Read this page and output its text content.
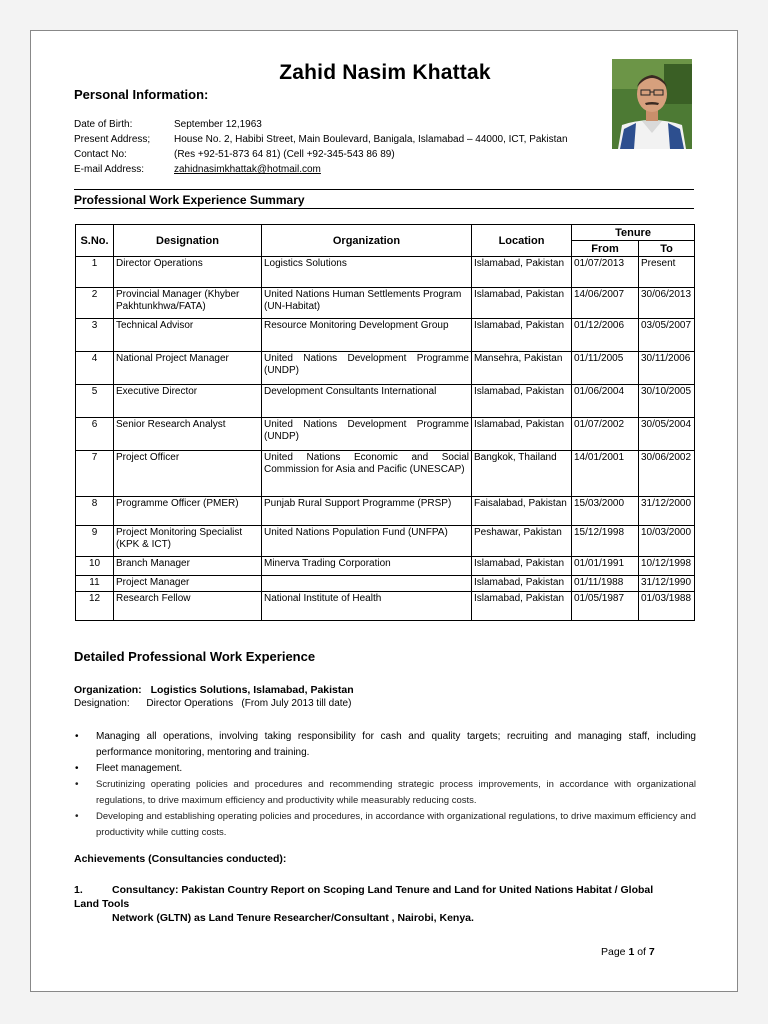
Zahid Nasim Khattak
Personal Information:
Date of Birth:	September 12,1963
Present Address; House No. 2, Habibi Street, Main Boulevard, Banigala, Islamabad – 44000, ICT, Pakistan
Contact No:	(Res +92-51-873 64 81) (Cell +92-345-543 86 89)
E-mail Address:	zahidnasimkhattak@hotmail.com
Professional Work Experience Summary
S.No.	Designation	Organization	Location	Tenure	
				From	To
1	Director Operations	Logistics Solutions	Islamabad, Pakistan	01/07/2013	Present
2	Provincial Manager (Khyber Pakhtunkhwa/FATA)	United Nations Human Settlements Program (UN-Habitat)	Islamabad, Pakistan	14/06/2007	30/06/2013
3	Technical Advisor	Resource Monitoring Development Group	Islamabad, Pakistan	01/12/2006	03/05/2007
4	National Project Manager	United Nations Development Programme (UNDP)	Mansehra, Pakistan	01/11/2005	30/11/2006
5	Executive Director	Development Consultants International	Islamabad, Pakistan	01/06/2004	30/10/2005
6	Senior Research Analyst	United Nations Development Programme (UNDP)	Islamabad, Pakistan	01/07/2002	30/05/2004
7	Project Officer	United Nations Economic and Social Commission for Asia and Pacific (UNESCAP)	Bangkok, Thailand	14/01/2001	30/06/2002
8	Programme Officer (PMER)	Punjab Rural Support Programme (PRSP)	Faisalabad, Pakistan	15/03/2000	31/12/2000
9	Project Monitoring Specialist (KPK & ICT)	United Nations Population Fund (UNFPA)	Peshawar, Pakistan	15/12/1998	10/03/2000
10	Branch Manager	Minerva Trading Corporation	Islamabad, Pakistan	01/01/1991	10/12/1998
11	Project Manager		Islamabad, Pakistan	01/11/1988	31/12/1990
12	Research Fellow	National Institute of Health	Islamabad, Pakistan	01/05/1987	01/03/1988
Detailed Professional Work Experience
Organization: Logistics Solutions, Islamabad, Pakistan
Designation: Director Operations   (From July 2013 till date)
• Managing all operations, involving taking responsibility for cash and quality targets; recruiting and managing staff, including performance monitoring, mentoring and training.
• Fleet management.
• Scrutinizing operating policies and procedures and recommending strategic process improvements, in accordance with organizational regulations, to drive maximum efficiency and productivity while measurably reducing costs.
• Developing and establishing operating policies and procedures, in accordance with organizational regulations, to drive maximum efficiency and productivity while cutting costs.
Achievements (Consultancies conducted):
1.	Consultancy: Pakistan Country Report on Scoping Land Tenure and Land for United Nations Habitat / Global
Land Tools
Network (GLTN) as Land Tenure Researcher/Consultant , Nairobi, Kenya.
Page 1 of 7
